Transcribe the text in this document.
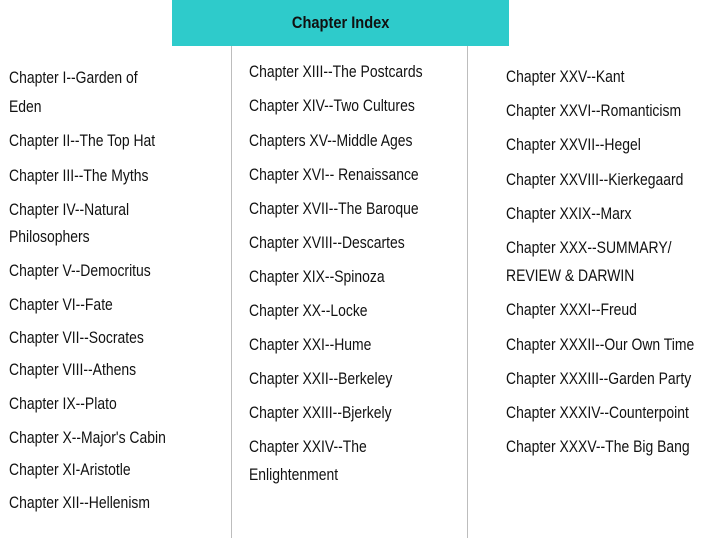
Chapter Index
Chapter I--Garden of
Eden
Chapter II--The Top Hat
Chapter III--The Myths
Chapter IV--Natural
Philosophers
Chapter V--Democritus
Chapter VI--Fate
Chapter VII--Socrates
Chapter VIII--Athens
Chapter IX--Plato
Chapter X--Major's Cabin
Chapter XI-Aristotle
Chapter XII--Hellenism
Chapter XIII--The Postcards
Chapter XIV--Two Cultures
Chapters XV--Middle Ages
Chapter XVI-- Renaissance
Chapter XVII--The Baroque
Chapter XVIII--Descartes
Chapter XIX--Spinoza
Chapter XX--Locke
Chapter XXI--Hume
Chapter XXII--Berkeley
Chapter XXIII--Bjerkely
Chapter XXIV--The
Enlightenment
Chapter XXV--Kant
Chapter XXVI--Romanticism
Chapter XXVII--Hegel
Chapter XXVIII--Kierkegaard
Chapter XXIX--Marx
Chapter XXX--SUMMARY/
REVIEW & DARWIN
Chapter XXXI--Freud
Chapter XXXII--Our Own Time
Chapter XXXIII--Garden Party
Chapter XXXIV--Counterpoint
Chapter XXXV--The Big Bang
